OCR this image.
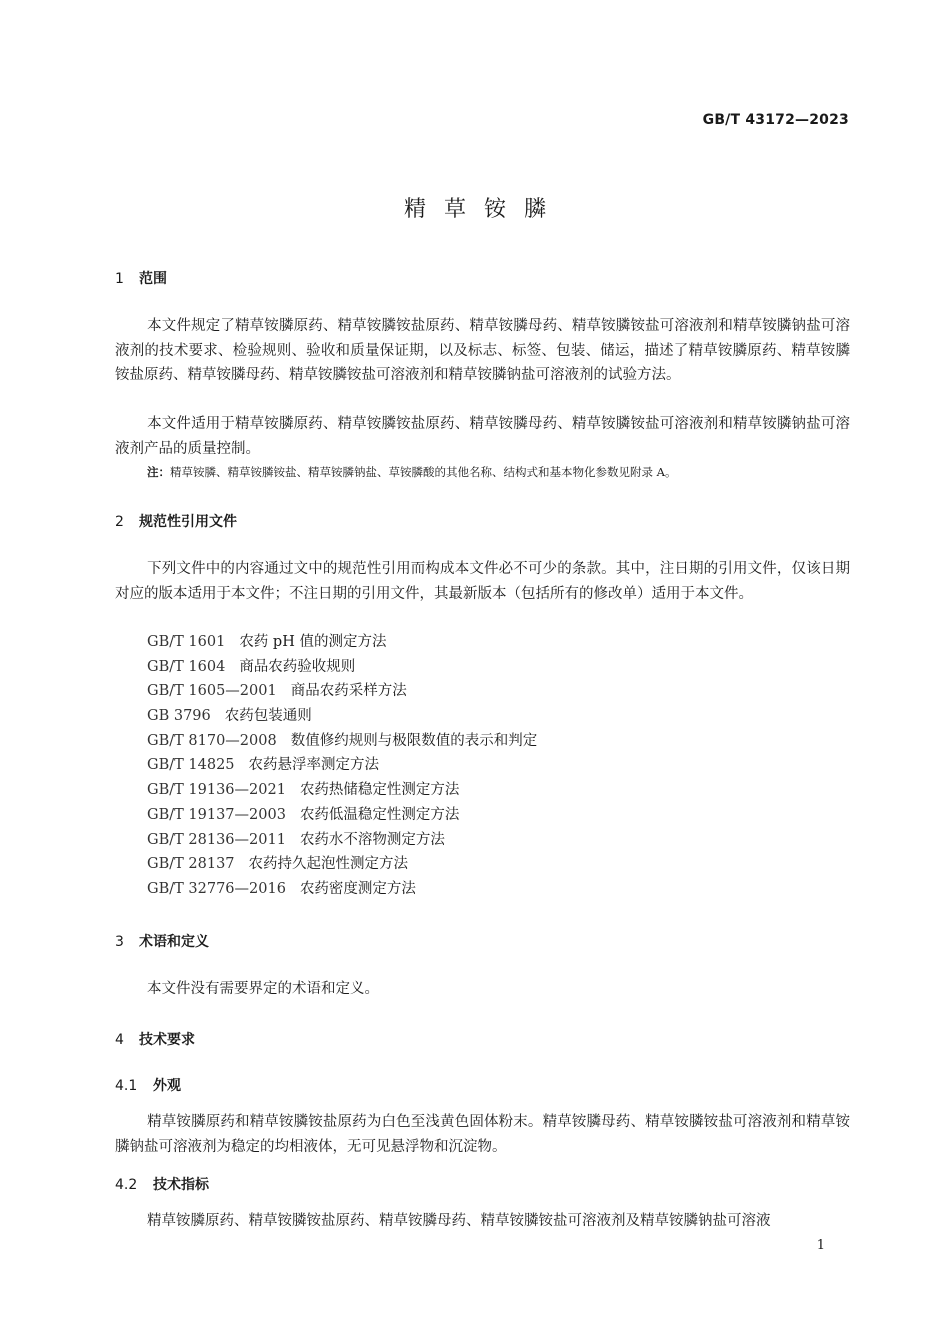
GB/T 43172—2023
精草铵膦
1 范围
本文件规定了精草铵膦原药、精草铵膦铵盐原药、精草铵膦母药、精草铵膦铵盐可溶液剂和精草铵膦钠盐可溶液剂的技术要求、检验规则、验收和质量保证期，以及标志、标签、包装、储运，描述了精草铵膦原药、精草铵膦铵盐原药、精草铵膦母药、精草铵膦铵盐可溶液剂和精草铵膦钠盐可溶液剂的试验方法。
本文件适用于精草铵膦原药、精草铵膦铵盐原药、精草铵膦母药、精草铵膦铵盐可溶液剂和精草铵膦钠盐可溶液剂产品的质量控制。
注：精草铵膦、精草铵膦铵盐、精草铵膦钠盐、草铵膦酸的其他名称、结构式和基本物化参数见附录 A。
2 规范性引用文件
下列文件中的内容通过文中的规范性引用而构成本文件必不可少的条款。其中，注日期的引用文件，仅该日期对应的版本适用于本文件；不注日期的引用文件，其最新版本（包括所有的修改单）适用于本文件。
GB/T 1601 农药 pH 值的测定方法
GB/T 1604 商品农药验收规则
GB/T 1605—2001 商品农药采样方法
GB 3796 农药包装通则
GB/T 8170—2008 数值修约规则与极限数值的表示和判定
GB/T 14825 农药悬浮率测定方法
GB/T 19136—2021 农药热储稳定性测定方法
GB/T 19137—2003 农药低温稳定性测定方法
GB/T 28136—2011 农药水不溶物测定方法
GB/T 28137 农药持久起泡性测定方法
GB/T 32776—2016 农药密度测定方法
3 术语和定义
本文件没有需要界定的术语和定义。
4 技术要求
4.1 外观
精草铵膦原药和精草铵膦铵盐原药为白色至浅黄色固体粉末。精草铵膦母药、精草铵膦铵盐可溶液剂和精草铵膦钠盐可溶液剂为稳定的均相液体，无可见悬浮物和沉淀物。
4.2 技术指标
精草铵膦原药、精草铵膦铵盐原药、精草铵膦母药、精草铵膦铵盐可溶液剂及精草铵膦钠盐可溶液
1
